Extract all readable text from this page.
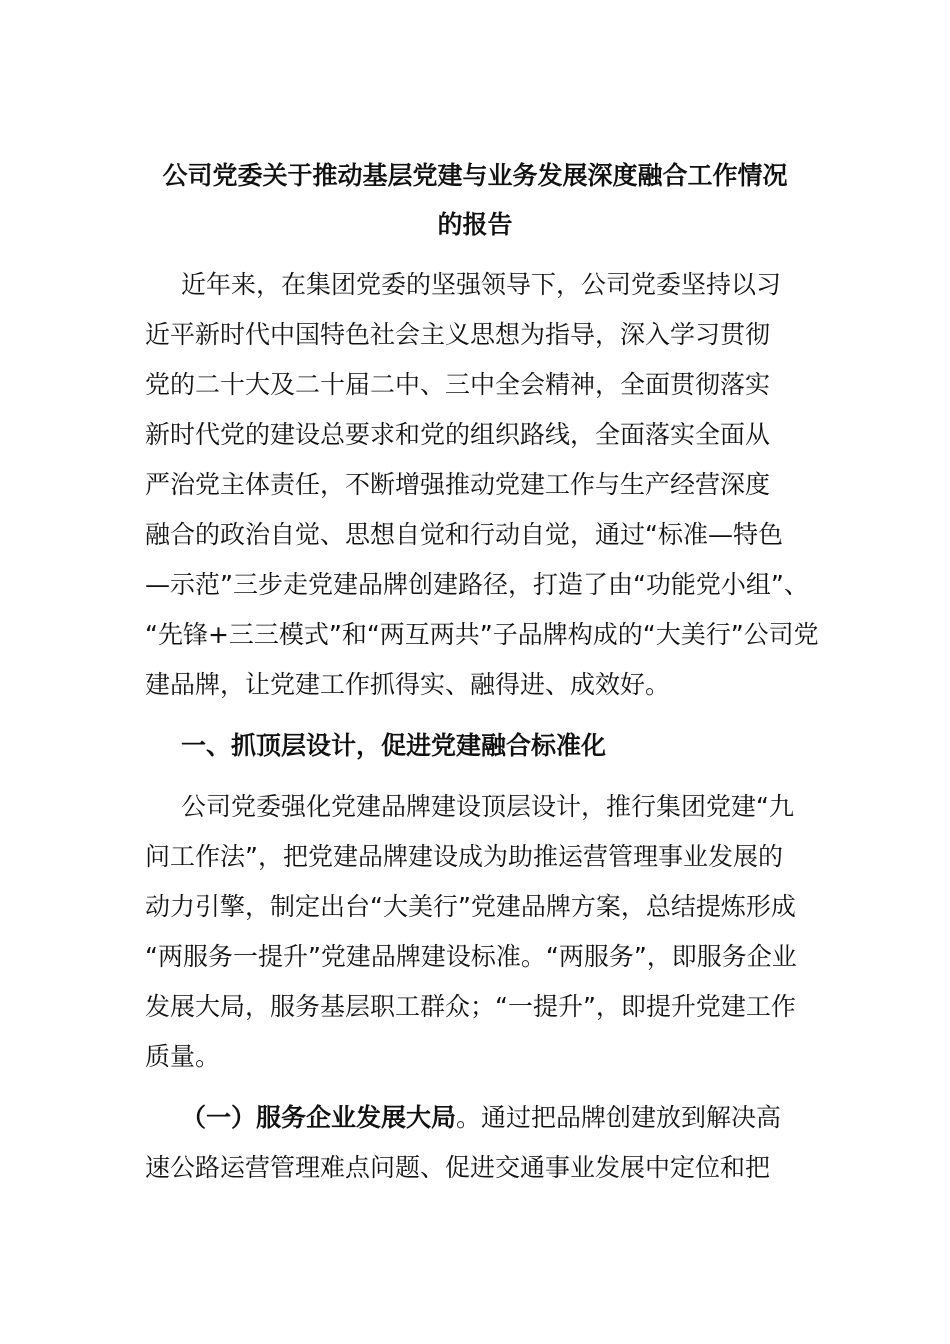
公司党委关于推动基层党建与业务发展深度融合工作情况
的报告
近年来，在集团党委的坚强领导下，公司党委坚持以习
近平新时代中国特色社会主义思想为指导，深入学习贯彻
党的二十大及二十届二中、三中全会精神，全面贯彻落实
新时代党的建设总要求和党的组织路线，全面落实全面从
严治党主体责任，不断增强推动党建工作与生产经营深度
融合的政治自觉、思想自觉和行动自觉，通过“标准—特色
—示范”三步走党建品牌创建路径，打造了由“功能党小组”、
“先锋+三三模式”和“两互两共”子品牌构成的“大美行”公司党
建品牌，让党建工作抓得实、融得进、成效好。
一、抓顶层设计，促进党建融合标准化
公司党委强化党建品牌建设顶层设计，推行集团党建“九
问工作法”，把党建品牌建设成为助推运营管理事业发展的
动力引擎，制定出台“大美行”党建品牌方案，总结提炼形成
“两服务一提升”党建品牌建设标准。“两服务”，即服务企业
发展大局，服务基层职工群众；“一提升”，即提升党建工作
质量。
（一）服务企业发展大局。通过把品牌创建放到解决高
速公路运营管理难点问题、促进交通事业发展中定位和把
